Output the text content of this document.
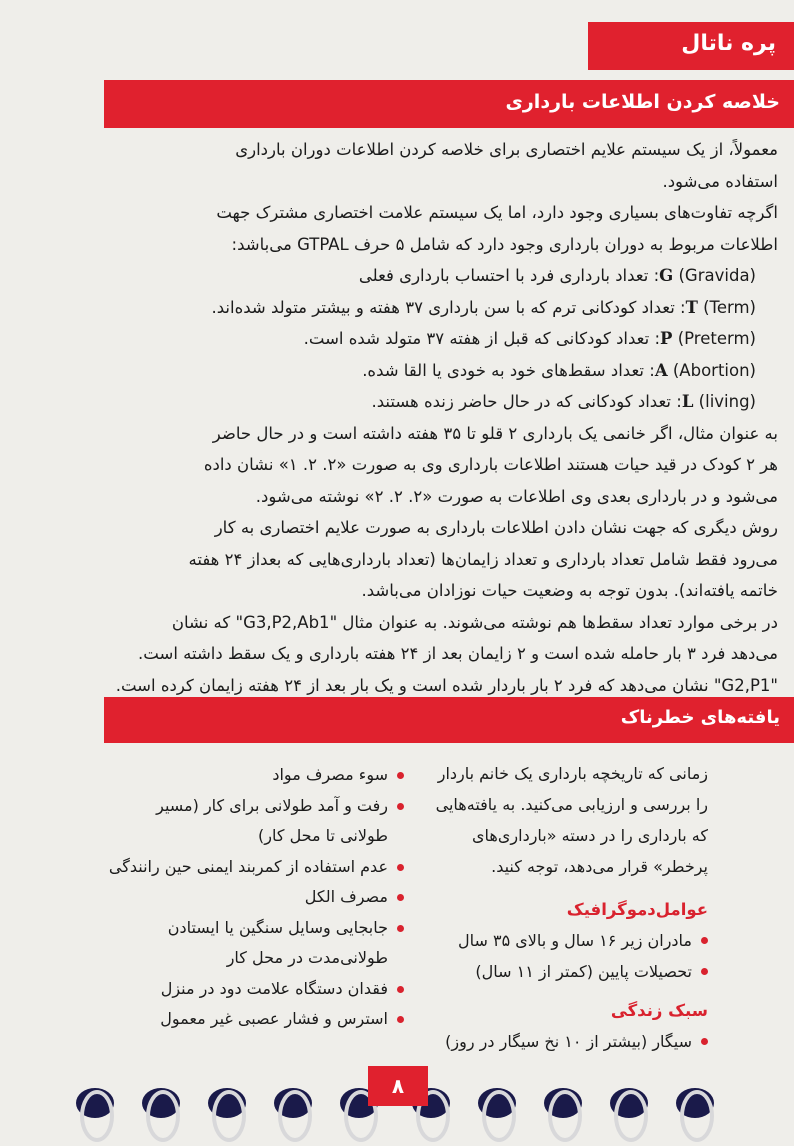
پره ناتال
خلاصه کردن اطلاعات بارداری
معمولاً، از یک سیستم علایم اختصاری برای خلاصه کردن اطلاعات دوران بارداری
استفاده می‌شود.
اگرچه تفاوت‌های بسیاری وجود دارد، اما یک سیستم علامت اختصاری مشترک جهت
اطلاعات مربوط به دوران بارداری وجود دارد که شامل ۵ حرف GTPAL می‌باشد:
G (Gravida): تعداد بارداری فرد با احتساب بارداری فعلی
T (Term): تعداد کودکانی ترم که با سن بارداری ۳۷ هفته و بیشتر متولد شده‌اند.
P (Preterm): تعداد کودکانی که قبل از هفته ۳۷ متولد شده است.
A (Abortion): تعداد سقط‌های خود به خودی یا القا شده.
L (living): تعداد کودکانی که در حال حاضر زنده هستند.
به عنوان مثال، اگر خانمی یک بارداری ۲ قلو تا ۳۵ هفته داشته است و در حال حاضر
هر ۲ کودک در قید حیات هستند اطلاعات بارداری وی به صورت «۲. ۲. ۱» نشان داده
می‌شود و در بارداری بعدی وی اطلاعات به صورت «۲. ۲. ۲» نوشته می‌شود.
روش دیگری که جهت نشان دادن اطلاعات بارداری به صورت علایم اختصاری به کار
می‌رود فقط شامل تعداد بارداری و تعداد زایمان‌ها (تعداد بارداری‌هایی که بعداز ۲۴ هفته
خاتمه یافته‌اند). بدون توجه به وضعیت حیات نوزادان می‌باشد.
در برخی موارد تعداد سقط‌ها هم نوشته می‌شوند. به عنوان مثال "G3,P2,Ab1" که نشان
می‌دهد فرد ۳ بار حامله شده است و ۲ زایمان بعد از ۲۴ هفته بارداری و یک سقط داشته است.
"G2,P1" نشان می‌دهد که فرد ۲ بار باردار شده است و یک بار بعد از ۲۴ هفته زایمان کرده است.
یافته‌های خطرناک
زمانی که تاریخچه بارداری یک خانم باردار
را بررسی و ارزیابی می‌کنید. به یافته‌هایی
که بارداری را در دسته «بارداری‌های
پرخطر» قرار می‌دهد، توجه کنید.
عوامل‌دموگرافیک
مادران زیر ۱۶ سال و بالای ۳۵ سال
تحصیلات پایین (کمتر از ۱۱ سال)
سبک زندگی
سیگار (بیشتر از ۱۰ نخ سیگار در روز)
سوء مصرف مواد
رفت و آمد طولانی برای کار (مسیر طولانی تا محل کار)
عدم استفاده از کمربند ایمنی حین رانندگی
مصرف الکل
جابجایی وسایل سنگین یا ایستادن طولانی‌مدت در محل کار
فقدان دستگاه علامت دود در منزل
استرس و فشار عصبی غیر معمول
۸
